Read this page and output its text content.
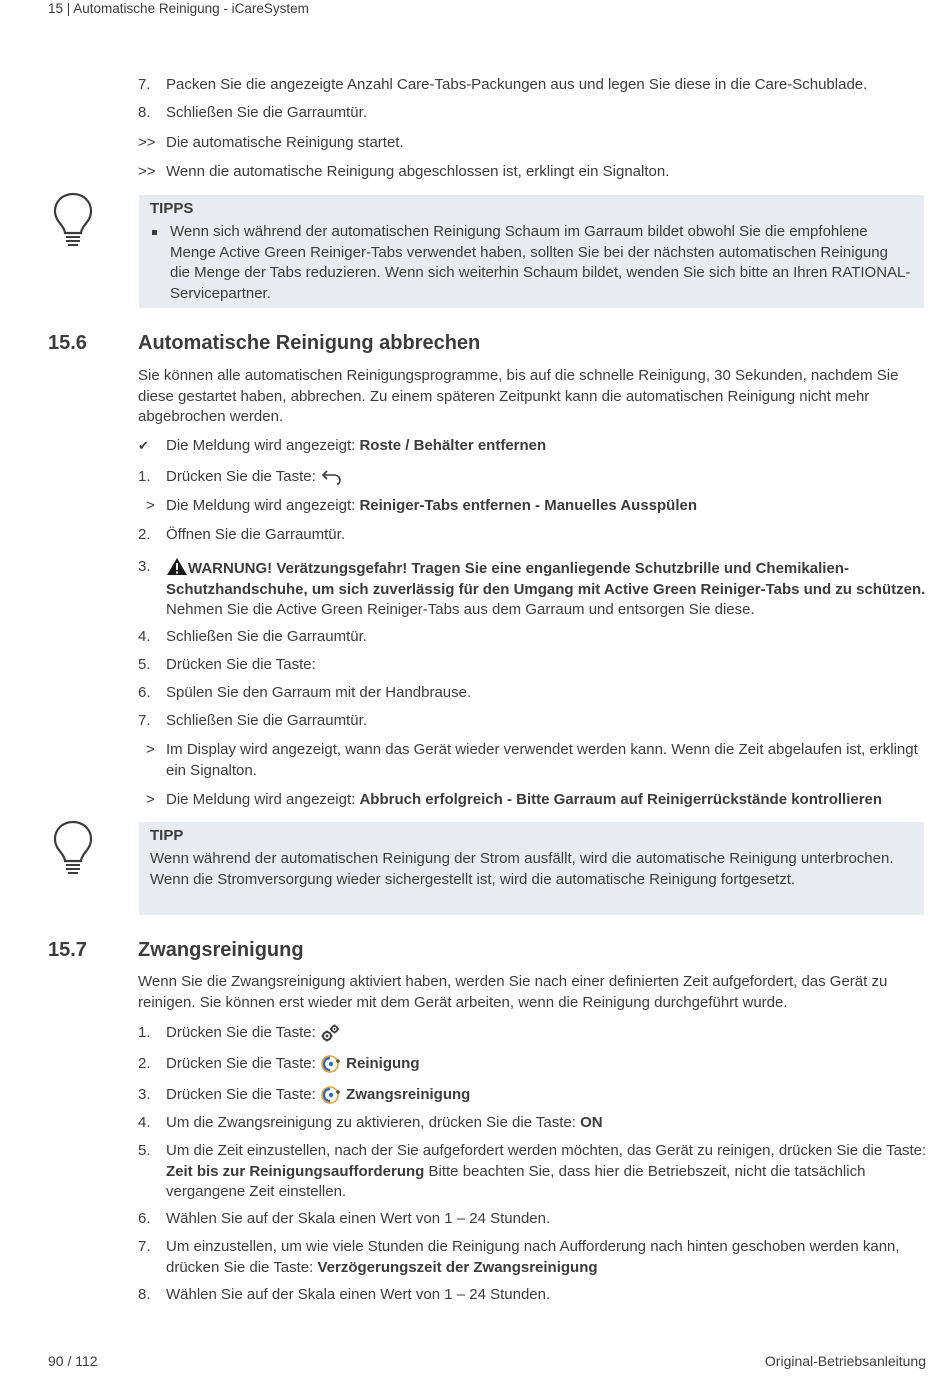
15 | Automatische Reinigung - iCareSystem
7. Packen Sie die angezeigte Anzahl Care-Tabs-Packungen aus und legen Sie diese in die Care-Schublade.
8. Schließen Sie die Garraumtür.
>> Die automatische Reinigung startet.
>> Wenn die automatische Reinigung abgeschlossen ist, erklingt ein Signalton.
TIPPS
Wenn sich während der automatischen Reinigung Schaum im Garraum bildet obwohl Sie die empfohlene Menge Active Green Reiniger-Tabs verwendet haben, sollten Sie bei der nächsten automatischen Reinigung die Menge der Tabs reduzieren. Wenn sich weiterhin Schaum bildet, wenden Sie sich bitte an Ihren RATIONAL-Servicepartner.
15.6	Automatische Reinigung abbrechen
Sie können alle automatischen Reinigungsprogramme, bis auf die schnelle Reinigung, 30 Sekunden, nachdem Sie diese gestartet haben, abbrechen. Zu einem späteren Zeitpunkt kann die automatischen Reinigung nicht mehr abgebrochen werden.
✔ Die Meldung wird angezeigt: Roste / Behälter entfernen
1. Drücken Sie die Taste:
> Die Meldung wird angezeigt: Reiniger-Tabs entfernen - Manuelles Ausspülen
2. Öffnen Sie die Garraumtür.
3.	WARNUNG! Verätzungsgefahr! Tragen Sie eine enganliegende Schutzbrille und Chemikalien-
Schutzhandschuhe, um sich zuverlässig für den Umgang mit Active Green Reiniger-Tabs und zu schützen.
Nehmen Sie die Active Green Reiniger-Tabs aus dem Garraum und entsorgen Sie diese.
4. Schließen Sie die Garraumtür.
5. Drücken Sie die Taste:
6. Spülen Sie den Garraum mit der Handbrause.
7. Schließen Sie die Garraumtür.
> Im Display wird angezeigt, wann das Gerät wieder verwendet werden kann. Wenn die Zeit abgelaufen ist, erklingt ein Signalton.
> Die Meldung wird angezeigt: Abbruch erfolgreich - Bitte Garraum auf Reinigerrückstände kontrollieren
TIPP
Wenn während der automatischen Reinigung der Strom ausfällt, wird die automatische Reinigung unterbrochen. Wenn die Stromversorgung wieder sichergestellt ist, wird die automatische Reinigung fortgesetzt.
15.7	Zwangsreinigung
Wenn Sie die Zwangsreinigung aktiviert haben, werden Sie nach einer definierten Zeit aufgefordert, das Gerät zu reinigen. Sie können erst wieder mit dem Gerät arbeiten, wenn die Reinigung durchgeführt wurde.
1. Drücken Sie die Taste:
2. Drücken Sie die Taste:  Reinigung
3. Drücken Sie die Taste:  Zwangsreinigung
4. Um die Zwangsreinigung zu aktivieren, drücken Sie die Taste: ON
5. Um die Zeit einzustellen, nach der Sie aufgefordert werden möchten, das Gerät zu reinigen, drücken Sie die Taste: Zeit bis zur Reinigungsaufforderung Bitte beachten Sie, dass hier die Betriebszeit, nicht die tatsächlich vergangene Zeit einstellen.
6. Wählen Sie auf der Skala einen Wert von 1 – 24 Stunden.
7. Um einzustellen, um wie viele Stunden die Reinigung nach Aufforderung nach hinten geschoben werden kann, drücken Sie die Taste: Verzögerungszeit der Zwangsreinigung
8. Wählen Sie auf der Skala einen Wert von 1 – 24 Stunden.
90 / 112	Original-Betriebsanleitung
